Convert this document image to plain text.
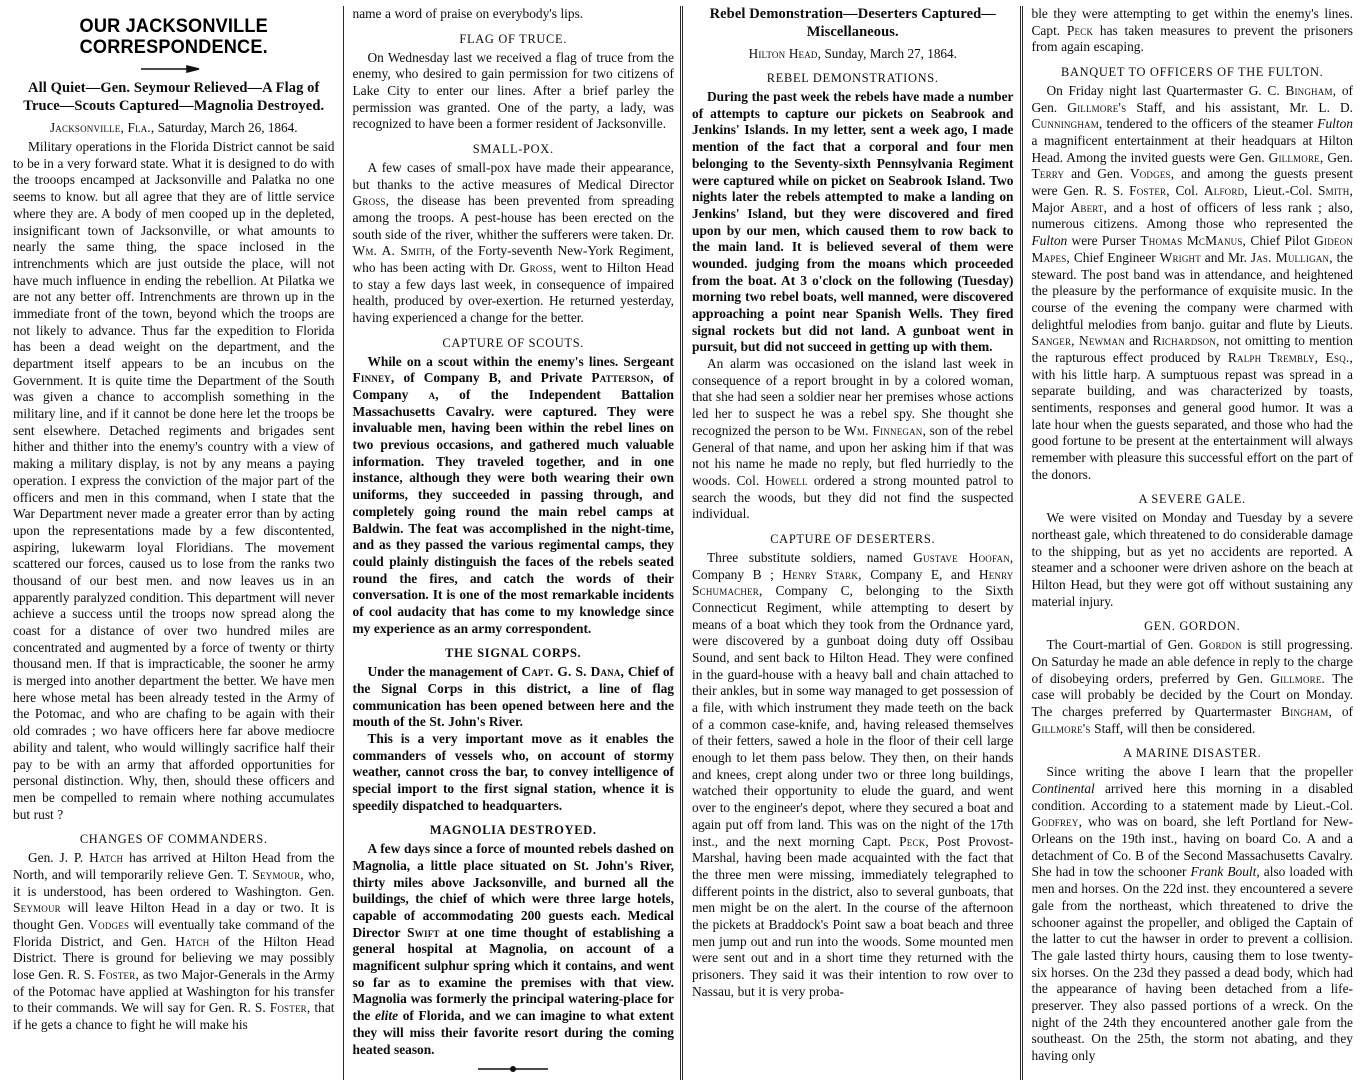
OUR JACKSONVILLE CORRESPONDENCE.
All Quiet—Gen. Seymour Relieved—A Flag of Truce—Scouts Captured—Magnolia Destroyed.
Jacksonville, Fla., Saturday, March 26, 1864.

Military operations in the Florida District cannot be said to be in a very forward state. What it is designed to do with the trooops encamped at Jacksonville and Palatka no one seems to know. but all agree that they are of little service where they are. A body of men cooped up in the depleted, insignificant town of Jacksonville, or what amounts to nearly the same thing, the space inclosed in the intrenchments which are just outside the place, will not have much influence in ending the rebellion. At Pilatka we are not any better off. Intrenchments are thrown up in the immediate front of the town, beyond which the troops are not likely to advance. Thus far the expedition to Florida has been a dead weight on the department, and the department itself appears to be an incubus on the Government. It is quite time the Department of the South was given a chance to accomplish something in the military line, and if it cannot be done here let the troops be sent elsewhere. Detached regiments and brigades sent hither and thither into the enemy's country with a view of making a military display, is not by any means a paying operation. I express the conviction of the major part of the officers and men in this command, when I state that the War Department never made a greater error than by acting upon the representations made by a few discontented, aspiring, lukewarm loyal Floridians. The movement scattered our forces, caused us to lose from the ranks two thousand of our best men. and now leaves us in an apparently paralyzed condition. This department will never achieve a success until the troops now spread along the coast for a distance of over two hundred miles are concentrated and augmented by a force of twenty or thirty thousand men. If that is impracticable, the sooner he army is merged into another department the better. We have men here whose metal has been already tested in the Army of the Potomac, and who are chafing to be again with their old comrades ; wo have officers here far above mediocre ability and talent, who would willingly sacrifice half their pay to be with an army that afforded opportunities for personal distinction. Why, then, should these officers and men be compelled to remain where nothing accumulates but rust ?

CHANGES OF COMMANDERS.

Gen. J. P. Hatch has arrived at Hilton Head from the North, and will temporarily relieve Gen. T. Seymour, who, it is understood, has been ordered to Washington. Gen. Seymour will leave Hilton Head in a day or two. It is thought Gen. Vodges will eventually take command of the Florida District, and Gen. Hatch of the Hilton Head District. There is ground for believing we may possibly lose Gen. R. S. Foster, as two Major-Generals in the Army of the Potomac have applied at Washington for his transfer to their commands. We will say for Gen. R. S. Foster, that if he gets a chance to fight he will make his

name a word of praise on everybody's lips.

FLAG OF TRUCE.

On Wednesday last we received a flag of truce from the enemy, who desired to gain permission for two citizens of Lake City to enter our lines. After a brief parley the permission was granted. One of the party, a lady, was recognized to have been a former resident of Jacksonville.

SMALL-POX.

A few cases of small-pox have made their appearance, but thanks to the active measures of Medical Director Gross, the disease has been prevented from spreading among the troops. A pest-house has been erected on the south side of the river, whither the sufferers were taken. Dr. Wm. A. Smith, of the Forty-seventh New-York Regiment, who has been acting with Dr. Gross, went to Hilton Head to stay a few days last week, in consequence of impaired health, produced by over-exertion. He returned yesterday, having experienced a change for the better.

CAPTURE OF SCOUTS.

While on a scout within the enemy's lines. Sergeant Finney, of Company B, and Private Patterson, of Company a, of the Independent Battalion Massachusetts Cavalry. were captured. They were invaluable men, having been within the rebel lines on two previous occasions, and gathered much valuable information. They traveled together, and in one instance, although they were both wearing their own uniforms, they succeeded in passing through, and completely going round the main rebel camps at Baldwin. The feat was accomplished in the night-time, and as they passed the various regimental camps, they could plainly distinguish the faces of the rebels seated round the fires, and catch the words of their conversation. It is one of the most remarkable incidents of cool audacity that has come to my knowledge since my experience as an army correspondent.

THE SIGNAL CORPS.

Under the management of Capt. G. S. Dana, Chief of the Signal Corps in this district, a line of flag communication has been opened between here and the mouth of the St. John's River.

This is a very important move as it enables the commanders of vessels who, on account of stormy weather, cannot cross the bar, to convey intelligence of special import to the first signal station, whence it is speedily dispatched to headquarters.

MAGNOLIA DESTROYED.

A few days since a force of mounted rebels dashed on Magnolia, a little place situated on St. John's River, thirty miles above Jacksonville, and burned all the buildings, the chief of which were three large hotels, capable of accommodating 200 guests each. Medical Director Swift at one time thought of establishing a general hospital at Magnolia, on account of a magnificent sulphur spring which it contains, and went so far as to examine the premises with that view. Magnolia was formerly the principal watering-place for the elite of Florida, and we can imagine to what extent they will miss their favorite resort during the coming heated season.

Rebel Demonstration—Deserters Captured—Miscellaneous.
Hilton Head, Sunday, March 27, 1864.
REBEL DEMONSTRATIONS.

During the past week the rebels have made a number of attempts to capture our pickets on Seabrook and Jenkins' Islands. In my letter, sent a week ago, I made mention of the fact that a corporal and four men belonging to the Seventy-sixth Pennsylvania Regiment were captured while on picket on Seabrook Island. Two nights later the rebels attempted to make a landing on Jenkins' Island, but they were discovered and fired upon by our men, which caused them to row back to the main land. It is believed several of them were wounded. judging from the moans which proceeded from the boat. At 3 o'clock on the following (Tuesday) morning two rebel boats, well manned, were discovered approaching a point near Spanish Wells. They fired signal rockets but did not land. A gunboat went in pursuit, but did not succeed in getting up with them.

An alarm was occasioned on the island last week in consequence of a report brought in by a colored woman, that she had seen a soldier near her premises whose actions led her to suspect he was a rebel spy. She thought she recognized the person to be Wm. Finnegan, son of the rebel General of that name, and upon her asking him if that was not his name he made no reply, but fled hurriedly to the woods. Col. Howell ordered a strong mounted patrol to search the woods, but they did not find the suspected individual.

CAPTURE OF DESERTERS.

Three substitute soldiers, named Gustave Hoofan, Company B ; Henry Stark, Company E, and Henry Schumacher, Company C, belonging to the Sixth Connecticut Regiment, while attempting to desert by means of a boat which they took from the Ordnance yard, were discovered by a gunboat doing duty off Ossibau Sound, and sent back to Hilton Head. They were confined in the guard-house with a heavy ball and chain attached to their ankles, but in some way managed to get possession of a file, with which instrument they made teeth on the back of a common case-knife, and, having released themselves of their fetters, sawed a hole in the floor of their cell large enough to let them pass below. They then, on their hands and knees, crept along under two or three long buildings, watched their opportunity to elude the guard, and went over to the engineer's depot, where they secured a boat and again put off from land. This was on the night of the 17th inst., and the next morning Capt. Peck, Post Provost-Marshal, having been made acquainted with the fact that the three men were missing, immediately telegraphed to different points in the district, also to several gunboats, that men might be on the alert. In the course of the afternoon the pickets at Braddock's Point saw a boat beach and three men jump out and run into the woods. Some mounted men were sent out and in a short time they returned with the prisoners. They said it was their intention to row over to Nassau, but it is very proba-

ble they were attempting to get within the enemy's lines. Capt. Peck has taken measures to prevent the prisoners from again escaping.

BANQUET TO OFFICERS OF THE FULTON.

On Friday night last Quartermaster G. C. Bingham, of Gen. Gillmore's Staff, and his assistant, Mr. L. D. Cunningham, tendered to the officers of the steamer Fulton a magnificent entertainment at their headquars at Hilton Head. Among the invited guests were Gen. Gillmore, Gen. Terry and Gen. Vodges, and among the guests present were Gen. R. S. Foster, Col. Alford, Lieut.-Col. Smith, Major Abert, and a host of officers of less rank ; also, numerous citizens. Among those who represented the Fulton were Purser Thomas McManus, Chief Pilot Gideon Mapes, Chief Engineer Wright and Mr. Jas. Mulligan, the steward. The post band was in attendance, and heightened the pleasure by the performance of exquisite music. In the course of the evening the company were charmed with delightful melodies from banjo. guitar and flute by Lieuts. Sanger, Newman and Richardson, not omitting to mention the rapturous effect produced by Ralph Trembly, Esq., with his little harp. A sumptuous repast was spread in a separate building, and was characterized by toasts, sentiments, responses and general good humor. It was a late hour when the guests separated, and those who had the good fortune to be present at the entertainment will always remember with pleasure this successful effort on the part of the donors.

A SEVERE GALE.

We were visited on Monday and Tuesday by a severe northeast gale, which threatened to do considerable damage to the shipping, but as yet no accidents are reported. A steamer and a schooner were driven ashore on the beach at Hilton Head, but they were got off without sustaining any material injury.

GEN. GORDON.

The Court-martial of Gen. Gordon is still progressing. On Saturday he made an able defence in reply to the charge of disobeying orders, preferred by Gen. Gillmore. The case will probably be decided by the Court on Monday. The charges preferred by Quartermaster Bingham, of Gillmore's Staff, will then be considered.

A MARINE DISASTER.

Since writing the above I learn that the propeller Continental arrived here this morning in a disabled condition. According to a statement made by Lieut.-Col. Godfrey, who was on board, she left Portland for New-Orleans on the 19th inst., having on board Co. A and a detachment of Co. B of the Second Massachusetts Cavalry. She had in tow the schooner Frank Boult, also loaded with men and horses. On the 22d inst. they encountered a severe gale from the northeast, which threatened to drive the schooner against the propeller, and obliged the Captain of the latter to cut the hawser in order to prevent a collision. The gale lasted thirty hours, causing them to lose twenty-six horses. On the 23d they passed a dead body, which had the appearance of having been detached from a life-preserver. They also passed portions of a wreck. On the night of the 24th they encountered another gale from the southeast. On the 25th, the storm not abating, and they having only
